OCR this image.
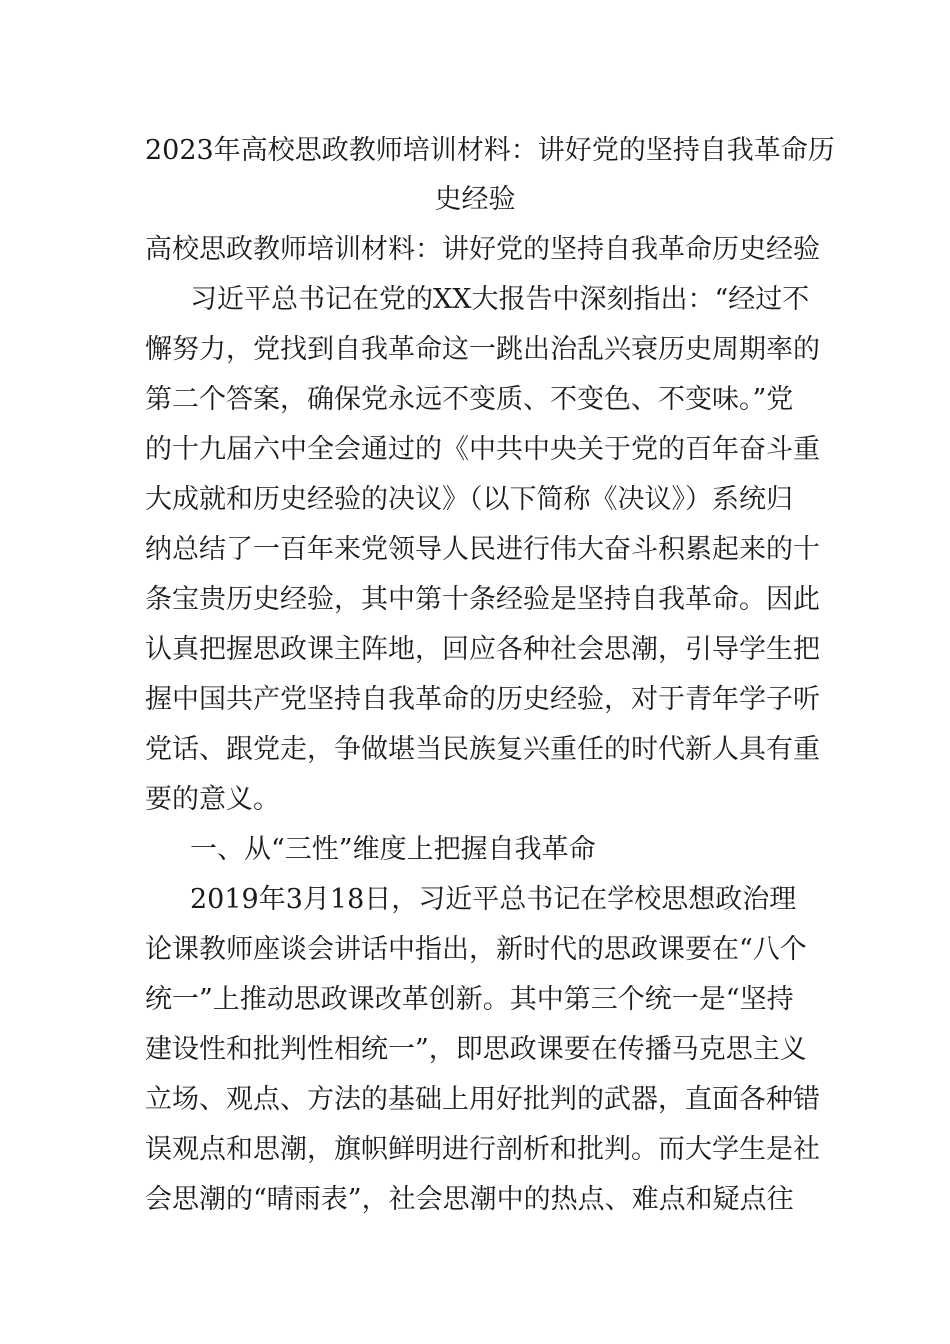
2023年高校思政教师培训材料：讲好党的坚持自我革命历
史经验
高校思政教师培训材料：讲好党的坚持自我革命历史经验
习近平总书记在党的XX大报告中深刻指出：“经过不
懈努力，党找到自我革命这一跳出治乱兴衰历史周期率的
第二个答案，确保党永远不变质、不变色、不变味。”党
的十九届六中全会通过的《中共中央关于党的百年奋斗重
大成就和历史经验的决议》（以下简称《决议》）系统归
纳总结了一百年来党领导人民进行伟大奋斗积累起来的十
条宝贵历史经验，其中第十条经验是坚持自我革命。因此
认真把握思政课主阵地，回应各种社会思潮，引导学生把
握中国共产党坚持自我革命的历史经验，对于青年学子听
党话、跟党走，争做堪当民族复兴重任的时代新人具有重
要的意义。
一、从“三性”维度上把握自我革命
2019年3月18日，习近平总书记在学校思想政治理
论课教师座谈会讲话中指出，新时代的思政课要在“八个
统一”上推动思政课改革创新。其中第三个统一是“坚持
建设性和批判性相统一”，即思政课要在传播马克思主义
立场、观点、方法的基础上用好批判的武器，直面各种错
误观点和思潮，旗帜鲜明进行剖析和批判。而大学生是社
会思潮的“晴雨表”，社会思潮中的热点、难点和疑点往
